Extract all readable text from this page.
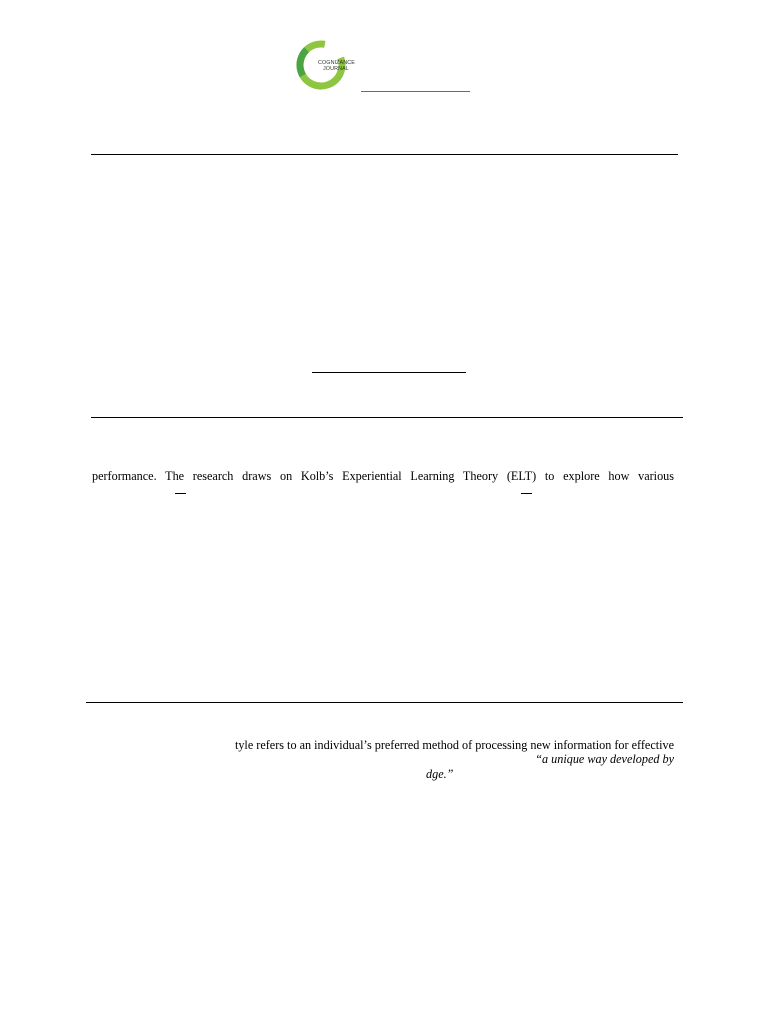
COGNIZANCE
JOURNAL
performance. The research draws on Kolb’s Experiential Learning Theory (ELT) to explore how various
tyle refers to an individual’s preferred method of processing new information for effective
“a unique way developed by
dge.”
